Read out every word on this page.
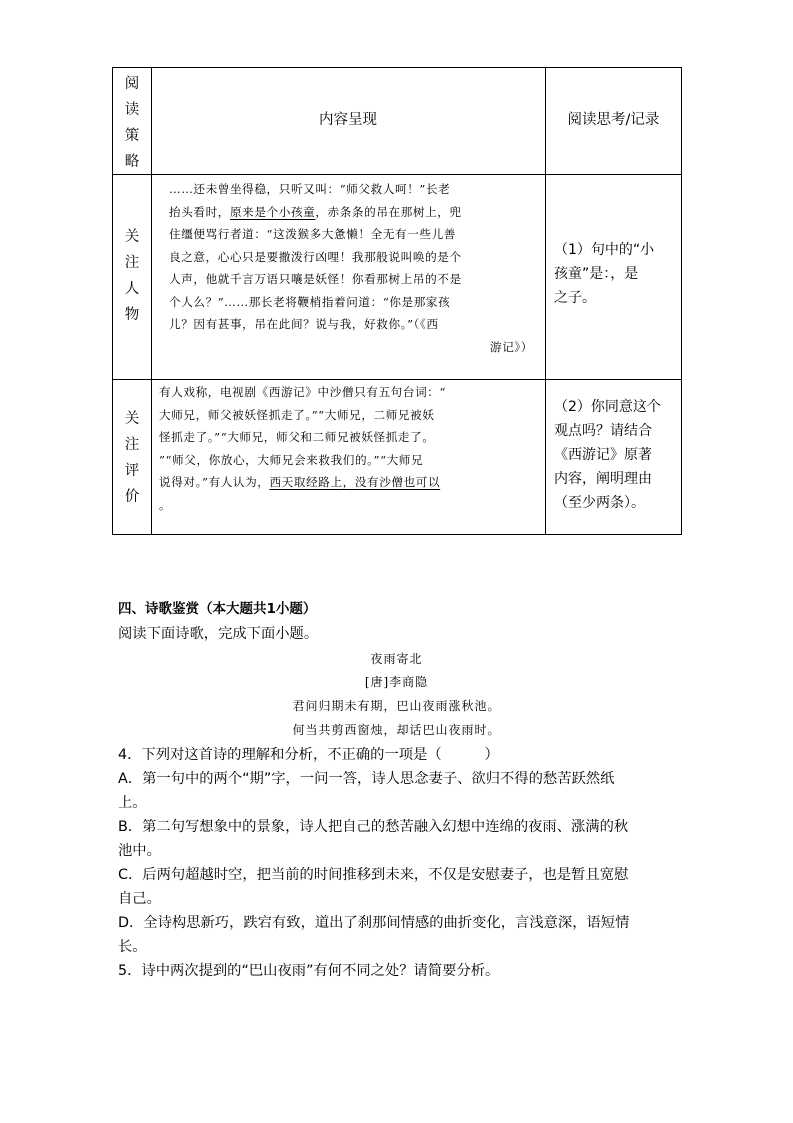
阅
读
策
略
内容呈现	阅读思考/记录
关
注
人
物
……还未曾坐得稳，只听又叫：“师父救人呵！”长老
抬头看时，原来是个小孩童，赤条条的吊在那树上，兜
住缰便骂行者道：“这泼猴多大惫懒！全无有一些儿善
良之意，心心只是要撒泼行凶哩！我那般说叫唤的是个
人声，他就千言万语只嚷是妖怪！你看那树上吊的不是
个人么？”……那长老将鞭梢指着问道：“你是那家孩
儿？因有甚事，吊在此间？说与我，好救你。”（《西
游记》）
（1）句中的“小
孩童”是：，是
之子。
关
注
评
价
有人戏称，电视剧《西游记》中沙僧只有五句台词：“
大师兄，师父被妖怪抓走了。”“大师兄，二师兄被妖
怪抓走了。”“大师兄，师父和二师兄被妖怪抓走了。
”“师父，你放心，大师兄会来救我们的。”“大师兄
说得对。”有人认为，西天取经路上，没有沙僧也可以
。
（2）你同意这个
观点吗？请结合
《西游记》原著
内容，阐明理由
（至少两条）。
四、诗歌鉴赏（本大题共1小题）
阅读下面诗歌，完成下面小题。
夜雨寄北
[唐]李商隐
君问归期未有期，巴山夜雨涨秋池。
何当共剪西窗烛，却话巴山夜雨时。
4．下列对这首诗的理解和分析，不正确的一项是（　　　）
A．第一句中的两个“期”字，一问一答，诗人思念妻子、欲归不得的愁苦跃然纸
上。
B．第二句写想象中的景象，诗人把自己的愁苦融入幻想中连绵的夜雨、涨满的秋
池中。
C．后两句超越时空，把当前的时间推移到未来，不仅是安慰妻子，也是暂且宽慰
自己。
D．全诗构思新巧，跌宕有致，道出了刹那间情感的曲折变化，言浅意深，语短情
长。
5．诗中两次提到的“巴山夜雨”有何不同之处？请简要分析。
